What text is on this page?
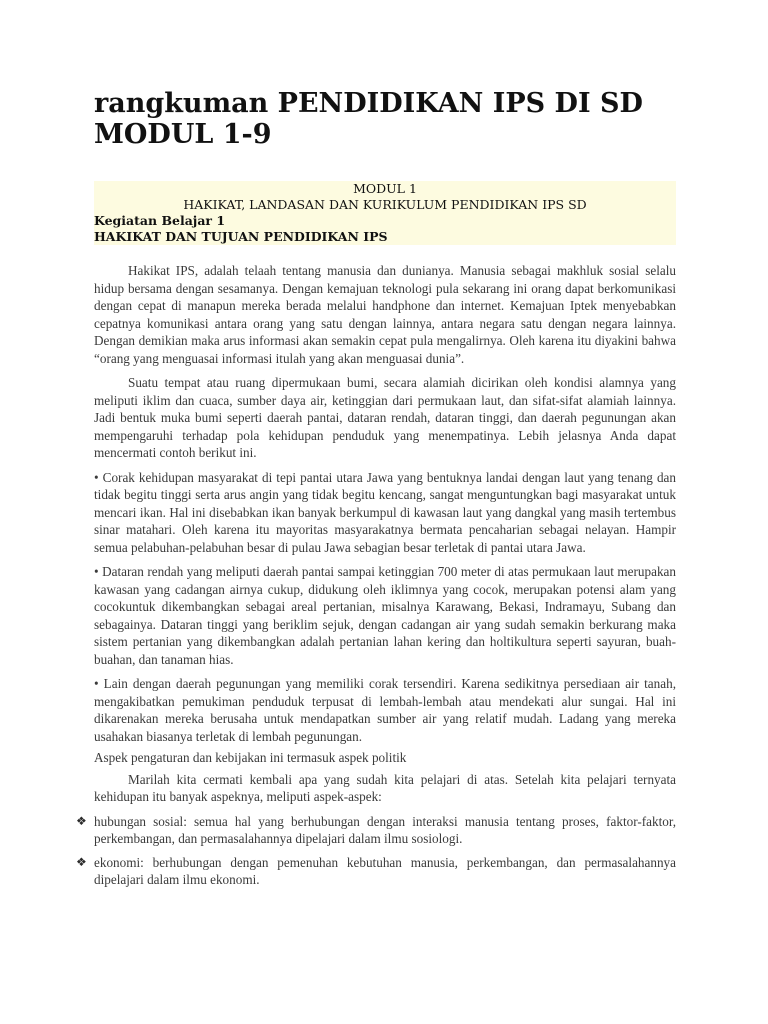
rangkuman PENDIDIKAN IPS DI SD MODUL 1-9
MODUL 1
HAKIKAT, LANDASAN DAN KURIKULUM PENDIDIKAN IPS SD
Kegiatan Belajar 1
HAKIKAT DAN TUJUAN PENDIDIKAN IPS

Hakikat IPS, adalah telaah tentang manusia dan dunianya. Manusia sebagai makhluk sosial selalu hidup bersama dengan sesamanya. Dengan kemajuan teknologi pula sekarang ini orang dapat berkomunikasi dengan cepat di manapun mereka berada melalui handphone dan internet. Kemajuan Iptek menyebabkan cepatnya komunikasi antara orang yang satu dengan lainnya, antara negara satu dengan negara lainnya. Dengan demikian maka arus informasi akan semakin cepat pula mengalirnya. Oleh karena itu diyakini bahwa “orang yang menguasai informasi itulah yang akan menguasai dunia”.

Suatu tempat atau ruang dipermukaan bumi, secara alamiah dicirikan oleh kondisi alamnya yang meliputi iklim dan cuaca, sumber daya air, ketinggian dari permukaan laut, dan sifat-sifat alamiah lainnya. Jadi bentuk muka bumi seperti daerah pantai, dataran rendah, dataran tinggi, dan daerah pegunungan akan mempengaruhi terhadap pola kehidupan penduduk yang menempatinya. Lebih jelasnya Anda dapat mencermati contoh berikut ini.

• Corak kehidupan masyarakat di tepi pantai utara Jawa yang bentuknya landai dengan laut yang tenang dan tidak begitu tinggi serta arus angin yang tidak begitu kencang, sangat menguntungkan bagi masyarakat untuk mencari ikan. Hal ini disebabkan ikan banyak berkumpul di kawasan laut yang dangkal yang masih tertembus sinar matahari. Oleh karena itu mayoritas masyarakatnya bermata pencaharian sebagai nelayan. Hampir semua pelabuhan-pelabuhan besar di pulau Jawa sebagian besar terletak di pantai utara Jawa.

• Dataran rendah yang meliputi daerah pantai sampai ketinggian 700 meter di atas permukaan laut merupakan kawasan yang cadangan airnya cukup, didukung oleh iklimnya yang cocok, merupakan potensi alam yang cocokuntuk dikembangkan sebagai areal pertanian, misalnya Karawang, Bekasi, Indramayu, Subang dan sebagainya. Dataran tinggi yang beriklim sejuk, dengan cadangan air yang sudah semakin berkurang maka sistem pertanian yang dikembangkan adalah pertanian lahan kering dan holtikultura seperti sayuran, buah-buahan, dan tanaman hias.

• Lain dengan daerah pegunungan yang memiliki corak tersendiri. Karena sedikitnya persediaan air tanah, mengakibatkan pemukiman penduduk terpusat di lembah-lembah atau mendekati alur sungai. Hal ini dikarenakan mereka berusaha untuk mendapatkan sumber air yang relatif mudah. Ladang yang mereka usahakan biasanya terletak di lembah pegunungan.

Aspek pengaturan dan kebijakan ini termasuk aspek politik

Marilah kita cermati kembali apa yang sudah kita pelajari di atas. Setelah kita pelajari ternyata kehidupan itu banyak aspeknya, meliputi aspek-aspek:

❖ hubungan sosial: semua hal yang berhubungan dengan interaksi manusia tentang proses, faktor-faktor, perkembangan, dan permasalahannya dipelajari dalam ilmu sosiologi.
❖ ekonomi: berhubungan dengan pemenuhan kebutuhan manusia, perkembangan, dan permasalahannya dipelajari dalam ilmu ekonomi.
